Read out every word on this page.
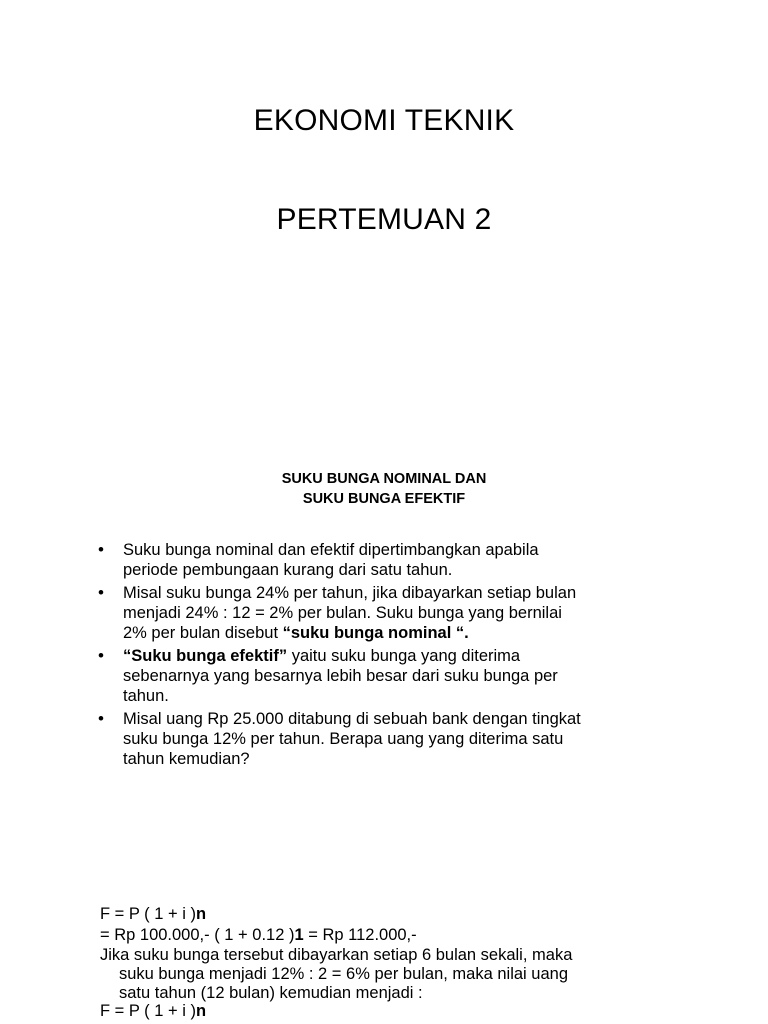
EKONOMI TEKNIK
PERTEMUAN 2
SUKU BUNGA NOMINAL DAN
SUKU BUNGA EFEKTIF
• Suku bunga nominal dan efektif dipertimbangkan apabila
periode pembungaan kurang dari satu tahun.
• Misal suku bunga 24% per tahun, jika dibayarkan setiap bulan
menjadi 24% : 12 = 2% per bulan. Suku bunga yang bernilai
2% per bulan disebut “suku bunga nominal “.
• “Suku bunga efektif” yaitu suku bunga yang diterima
sebenarnya yang besarnya lebih besar dari suku bunga per
tahun.
• Misal uang Rp 25.000 ditabung di sebuah bank dengan tingkat
suku bunga 12% per tahun. Berapa uang yang diterima satu
tahun kemudian?
F = P ( 1 + i )n
= Rp 100.000,- ( 1 + 0.12 )1 = Rp 112.000,-
Jika suku bunga tersebut dibayarkan setiap 6 bulan sekali, maka
suku bunga menjadi 12% : 2 = 6% per bulan, maka nilai uang
satu tahun (12 bulan) kemudian menjadi :
F = P ( 1 + i )n
